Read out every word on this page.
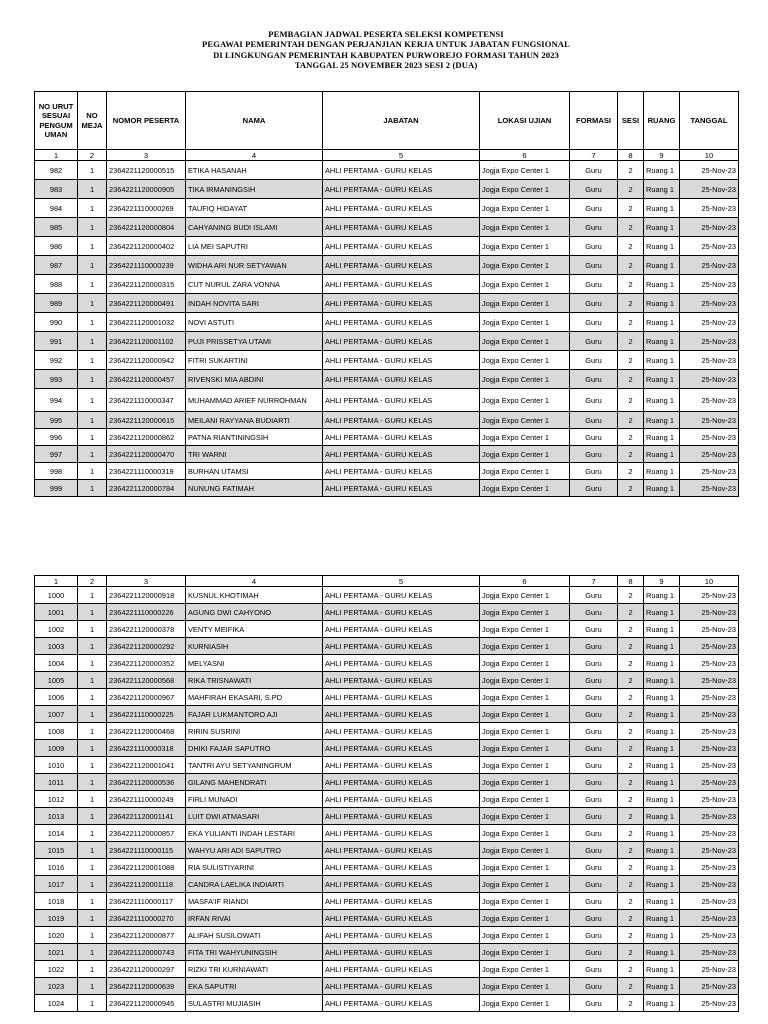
PEMBAGIAN JADWAL PESERTA SELEKSI KOMPETENSI
PEGAWAI PEMERINTAH DENGAN PERJANJIAN KERJA UNTUK JABATAN FUNGSIONAL
DI LINGKUNGAN PEMERINTAH KABUPATEN PURWOREJO FORMASI TAHUN 2023
TANGGAL 25 NOVEMBER 2023 SESI 2 (DUA)
NO URUT SESUAI PENGUM UMAN	NO MEJA	NOMOR PESERTA	NAMA	JABATAN	LOKASI UJIAN	FORMASI	SESI	RUANG	TANGGAL
1	2	3	4	5	6	7	8	9	10
982	1	2364221120000515	ETIKA HASANAH	AHLI PERTAMA - GURU KELAS	Jogja Expo Center 1	Guru	2	Ruang 1	25-Nov-23
983	1	2364221120000905	TIKA IRMANINGSIH	AHLI PERTAMA - GURU KELAS	Jogja Expo Center 1	Guru	2	Ruang 1	25-Nov-23
984	1	2364221110000269	TAUFIQ HIDAYAT	AHLI PERTAMA - GURU KELAS	Jogja Expo Center 1	Guru	2	Ruang 1	25-Nov-23
985	1	2364221120000804	CAHYANING BUDI ISLAMI	AHLI PERTAMA - GURU KELAS	Jogja Expo Center 1	Guru	2	Ruang 1	25-Nov-23
986	1	2364221120000402	LIA MEI SAPUTRI	AHLI PERTAMA - GURU KELAS	Jogja Expo Center 1	Guru	2	Ruang 1	25-Nov-23
987	1	2364221110000239	WIDHA ARI NUR SETYAWAN	AHLI PERTAMA - GURU KELAS	Jogja Expo Center 1	Guru	2	Ruang 1	25-Nov-23
988	1	2364221120000315	CUT NURUL ZARA VONNA	AHLI PERTAMA - GURU KELAS	Jogja Expo Center 1	Guru	2	Ruang 1	25-Nov-23
989	1	2364221120000491	INDAH NOVITA SARI	AHLI PERTAMA - GURU KELAS	Jogja Expo Center 1	Guru	2	Ruang 1	25-Nov-23
990	1	2364221120001032	NOVI ASTUTI	AHLI PERTAMA - GURU KELAS	Jogja Expo Center 1	Guru	2	Ruang 1	25-Nov-23
991	1	2364221120001102	PUJI PRISSETYA UTAMI	AHLI PERTAMA - GURU KELAS	Jogja Expo Center 1	Guru	2	Ruang 1	25-Nov-23
992	1	2364221120000942	FITRI SUKARTINI	AHLI PERTAMA - GURU KELAS	Jogja Expo Center 1	Guru	2	Ruang 1	25-Nov-23
993	1	2364221120000457	RIVENSKI MIA ABDINI	AHLI PERTAMA - GURU KELAS	Jogja Expo Center 1	Guru	2	Ruang 1	25-Nov-23
994	1	2364221110000347	MUHAMMAD ARIEF NURROHMAN	AHLI PERTAMA - GURU KELAS	Jogja Expo Center 1	Guru	2	Ruang 1	25-Nov-23
995	1	2364221120000615	MEILANI RAYYANA BUDIARTI	AHLI PERTAMA - GURU KELAS	Jogja Expo Center 1	Guru	2	Ruang 1	25-Nov-23
996	1	2364221120000862	PATNA RIANTININGSIH	AHLI PERTAMA - GURU KELAS	Jogja Expo Center 1	Guru	2	Ruang 1	25-Nov-23
997	1	2364221120000470	TRI WARNI	AHLI PERTAMA - GURU KELAS	Jogja Expo Center 1	Guru	2	Ruang 1	25-Nov-23
998	1	2364221110000319	BURHAN UTAMSI	AHLI PERTAMA - GURU KELAS	Jogja Expo Center 1	Guru	2	Ruang 1	25-Nov-23
999	1	2364221120000784	NUNUNG FATIMAH	AHLI PERTAMA - GURU KELAS	Jogja Expo Center 1	Guru	2	Ruang 1	25-Nov-23
1	2	3	4	5	6	7	8	9	10
1000	1	2364221120000918	KUSNUL KHOTIMAH	AHLI PERTAMA - GURU KELAS	Jogja Expo Center 1	Guru	2	Ruang 1	25-Nov-23
1001	1	2364221110000226	AGUNG DWI CAHYONO	AHLI PERTAMA - GURU KELAS	Jogja Expo Center 1	Guru	2	Ruang 1	25-Nov-23
1002	1	2364221120000378	VENTY MEIFIKA	AHLI PERTAMA - GURU KELAS	Jogja Expo Center 1	Guru	2	Ruang 1	25-Nov-23
1003	1	2364221120000292	KURNIASIH	AHLI PERTAMA - GURU KELAS	Jogja Expo Center 1	Guru	2	Ruang 1	25-Nov-23
1004	1	2364221120000352	MELYASNI	AHLI PERTAMA - GURU KELAS	Jogja Expo Center 1	Guru	2	Ruang 1	25-Nov-23
1005	1	2364221120000568	RIKA TRISNAWATI	AHLI PERTAMA - GURU KELAS	Jogja Expo Center 1	Guru	2	Ruang 1	25-Nov-23
1006	1	2364221120000967	MAHFIRAH EKASARI, S.PD	AHLI PERTAMA - GURU KELAS	Jogja Expo Center 1	Guru	2	Ruang 1	25-Nov-23
1007	1	2364221110000225	FAJAR LUKMANTORO AJI	AHLI PERTAMA - GURU KELAS	Jogja Expo Center 1	Guru	2	Ruang 1	25-Nov-23
1008	1	2364221120000468	RIRIN SUSRINI	AHLI PERTAMA - GURU KELAS	Jogja Expo Center 1	Guru	2	Ruang 1	25-Nov-23
1009	1	2364221110000318	DHIKI FAJAR SAPUTRO	AHLI PERTAMA - GURU KELAS	Jogja Expo Center 1	Guru	2	Ruang 1	25-Nov-23
1010	1	2364221120001041	TANTRI AYU SETYANINGRUM	AHLI PERTAMA - GURU KELAS	Jogja Expo Center 1	Guru	2	Ruang 1	25-Nov-23
1011	1	2364221120000536	GILANG MAHENDRATI	AHLI PERTAMA - GURU KELAS	Jogja Expo Center 1	Guru	2	Ruang 1	25-Nov-23
1012	1	2364221110000249	FIRLI MUNADI	AHLI PERTAMA - GURU KELAS	Jogja Expo Center 1	Guru	2	Ruang 1	25-Nov-23
1013	1	2364221120001141	LUIT DWI ATMASARI	AHLI PERTAMA - GURU KELAS	Jogja Expo Center 1	Guru	2	Ruang 1	25-Nov-23
1014	1	2364221120000857	EKA YULIANTI INDAH LESTARI	AHLI PERTAMA - GURU KELAS	Jogja Expo Center 1	Guru	2	Ruang 1	25-Nov-23
1015	1	2364221110000115	WAHYU ARI ADI SAPUTRO	AHLI PERTAMA - GURU KELAS	Jogja Expo Center 1	Guru	2	Ruang 1	25-Nov-23
1016	1	2364221120001088	RIA SULISTIYARINI	AHLI PERTAMA - GURU KELAS	Jogja Expo Center 1	Guru	2	Ruang 1	25-Nov-23
1017	1	2364221120001118	CANDRA LAELIKA INDIARTI	AHLI PERTAMA - GURU KELAS	Jogja Expo Center 1	Guru	2	Ruang 1	25-Nov-23
1018	1	2364221110000117	MASFA'IF RIANDI	AHLI PERTAMA - GURU KELAS	Jogja Expo Center 1	Guru	2	Ruang 1	25-Nov-23
1019	1	2364221110000270	IRFAN RIVAI	AHLI PERTAMA - GURU KELAS	Jogja Expo Center 1	Guru	2	Ruang 1	25-Nov-23
1020	1	2364221120000877	ALIFAH SUSILOWATI	AHLI PERTAMA - GURU KELAS	Jogja Expo Center 1	Guru	2	Ruang 1	25-Nov-23
1021	1	2364221120000743	FITA TRI WAHYUNINGSIH	AHLI PERTAMA - GURU KELAS	Jogja Expo Center 1	Guru	2	Ruang 1	25-Nov-23
1022	1	2364221120000297	RIZKI TRI KURNIAWATI	AHLI PERTAMA - GURU KELAS	Jogja Expo Center 1	Guru	2	Ruang 1	25-Nov-23
1023	1	2364221120000639	EKA SAPUTRI	AHLI PERTAMA - GURU KELAS	Jogja Expo Center 1	Guru	2	Ruang 1	25-Nov-23
1024	1	2364221120000945	SULASTRI MUJIASIH	AHLI PERTAMA - GURU KELAS	Jogja Expo Center 1	Guru	2	Ruang 1	25-Nov-23
